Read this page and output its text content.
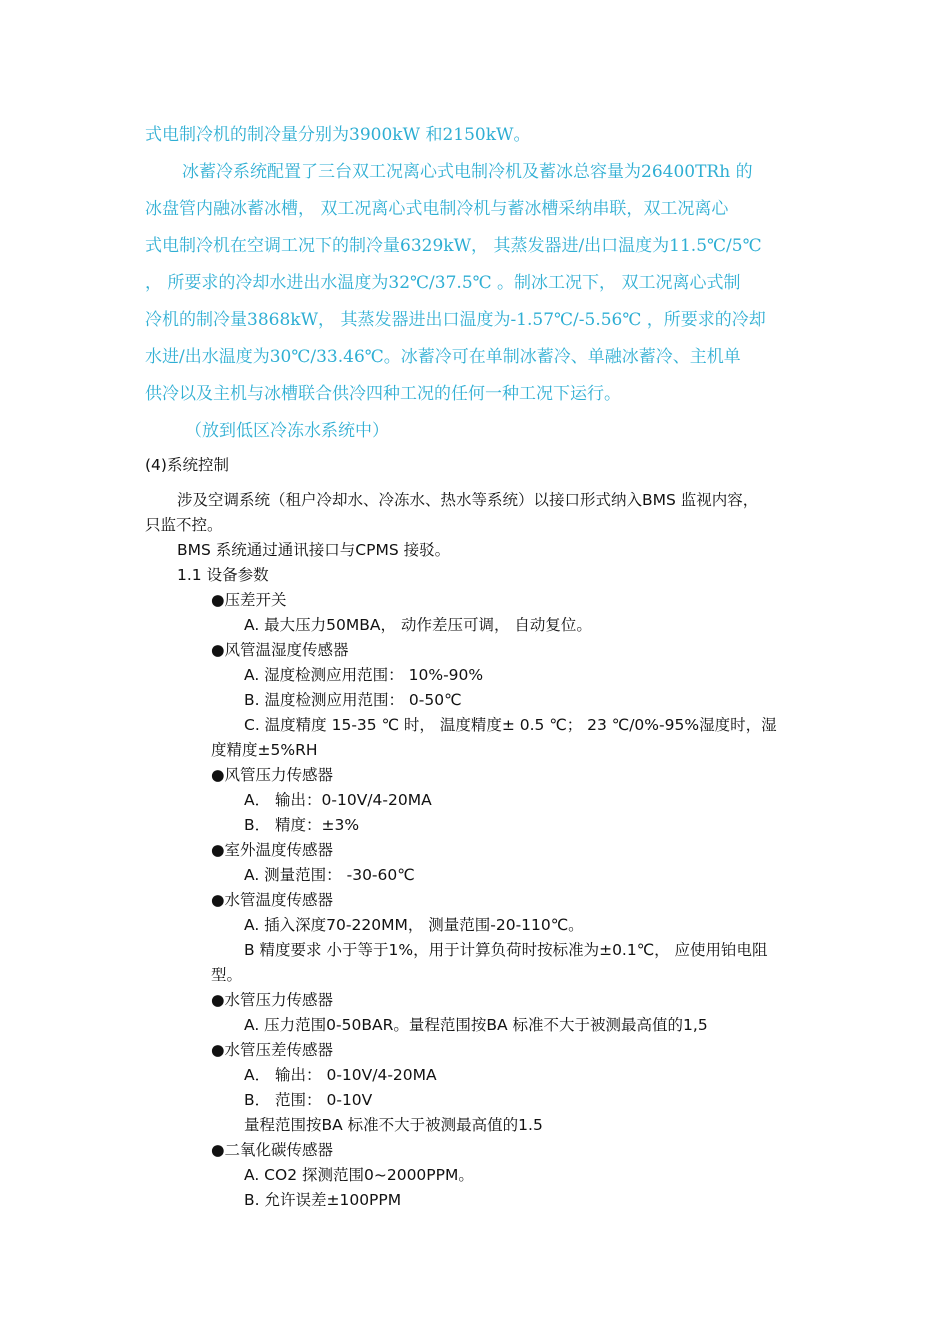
式电制冷机的制冷量分别为3900kW 和2150kW。
冰蓄冷系统配置了三台双工况离心式电制冷机及蓄冰总容量为26400TRh 的
冰盘管内融冰蓄冰槽， 双工况离心式电制冷机与蓄冰槽采纳串联，双工况离心
式电制冷机在空调工况下的制冷量6329kW， 其蒸发器进/出口温度为11.5℃/5℃
， 所要求的冷却水进出水温度为32℃/37.5℃ 。制冰工况下， 双工况离心式制
冷机的制冷量3868kW， 其蒸发器进出口温度为-1.57℃/-5.56℃ ，所要求的冷却
水进/出水温度为30℃/33.46℃。冰蓄冷可在单制冰蓄冷、单融冰蓄冷、主机单
供冷以及主机与冰槽联合供冷四种工况的任何一种工况下运行。
（放到低区冷冻水系统中）
(4)系统控制
涉及空调系统（租户冷却水、冷冻水、热水等系统）以接口形式纳入BMS 监视内容，
只监不控。
BMS 系统通过通讯接口与CPMS 接驳。
1.1 设备参数
●压差开关
A. 最大压力50MBA， 动作差压可调， 自动复位。
●风管温湿度传感器
A. 湿度检测应用范围： 10%-90%
B. 温度检测应用范围： 0-50℃
C. 温度精度 15-35 ℃ 时， 温度精度± 0.5 ℃； 23 ℃/0%-95%湿度时，湿
度精度±5%RH
●风管压力传感器
A． 输出：0-10V/4-20MA
B． 精度：±3%
●室外温度传感器
A. 测量范围： -30-60℃
●水管温度传感器
A. 插入深度70-220MM， 测量范围-20-110℃。
B 精度要求 小于等于1%，用于计算负荷时按标准为±0.1℃， 应使用铂电阻
型。
●水管压力传感器
A. 压力范围0-50BAR。量程范围按BA 标准不大于被测最高值的1,5
●水管压差传感器
A． 输出： 0-10V/4-20MA
B． 范围： 0-10V
量程范围按BA 标准不大于被测最高值的1.5
●二氧化碳传感器
A. CO2 探测范围0~2000PPM。
B. 允许误差±100PPM
